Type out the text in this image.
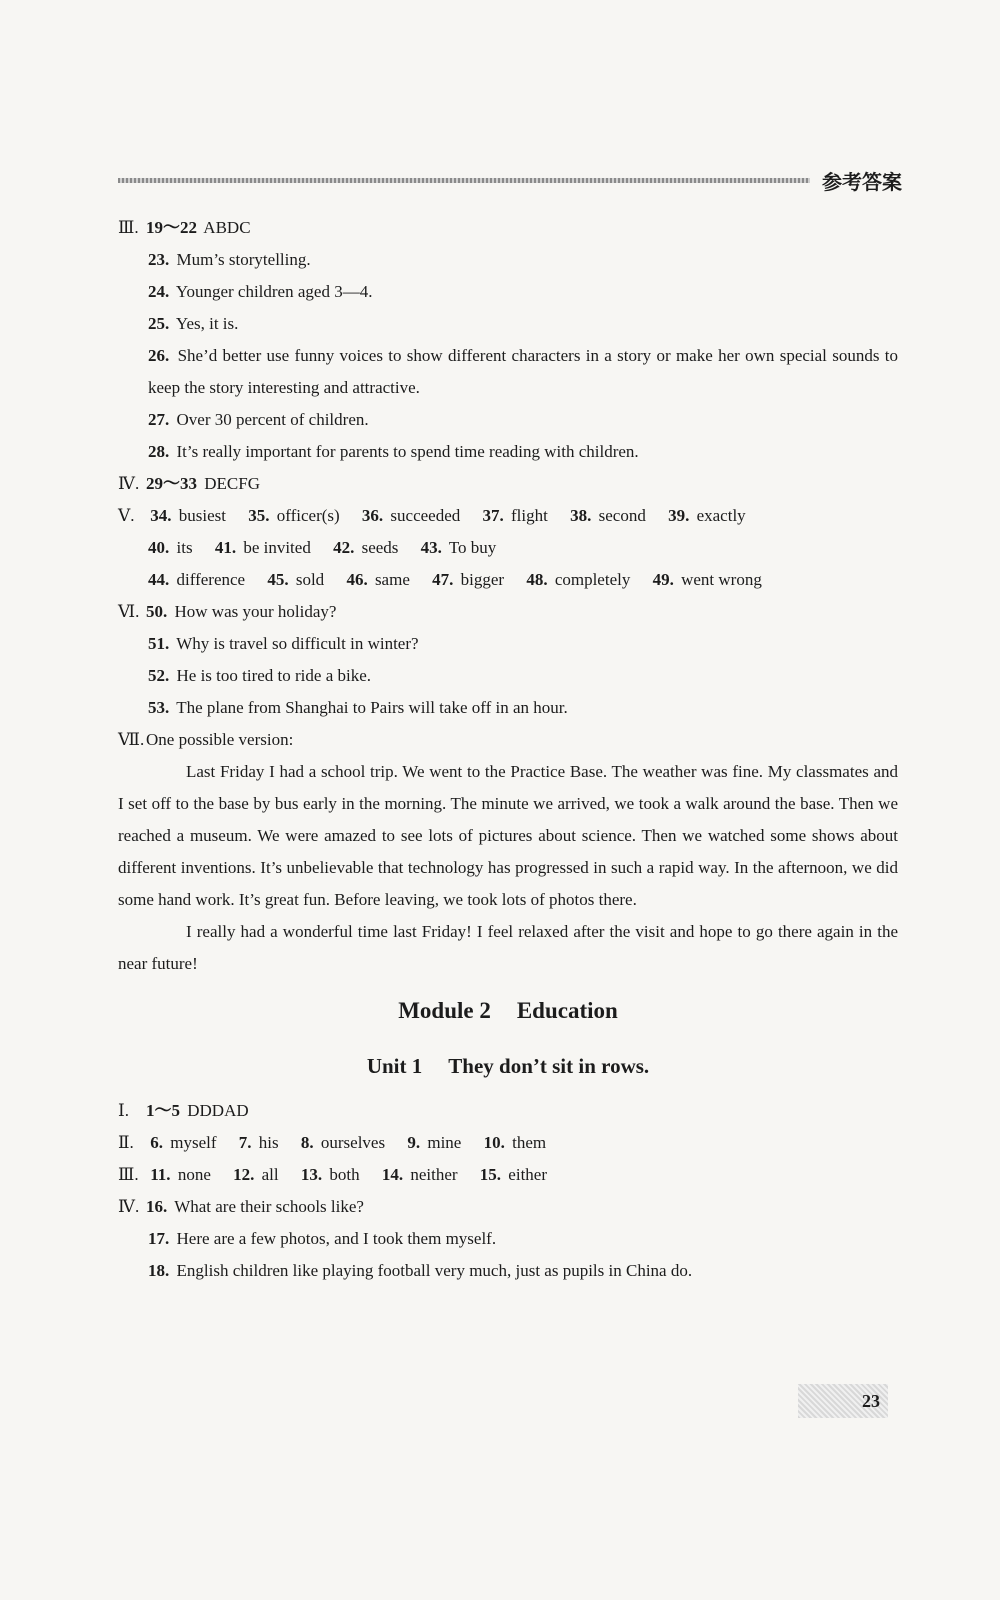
参考答案
Ⅲ. 19～22 ABDC
23. Mum’s storytelling.
24. Younger children aged 3—4.
25. Yes, it is.
26. She’d better use funny voices to show different characters in a story or make her own special sounds to keep the story interesting and attractive.
27. Over 30 percent of children.
28. It’s really important for parents to spend time reading with children.
Ⅳ. 29～33 DECFG
Ⅴ. 34. busiest 35. officer(s) 36. succeeded 37. flight 38. second 39. exactly
40. its 41. be invited 42. seeds 43. To buy
44. difference 45. sold 46. same 47. bigger 48. completely 49. went wrong
Ⅵ. 50. How was your holiday?
51. Why is travel so difficult in winter?
52. He is too tired to ride a bike.
53. The plane from Shanghai to Pairs will take off in an hour.
Ⅶ. One possible version:

Last Friday I had a school trip. We went to the Practice Base. The weather was fine. My classmates and I set off to the base by bus early in the morning. The minute we arrived, we took a walk around the base. Then we reached a museum. We were amazed to see lots of pictures about science. Then we watched some shows about different inventions. It’s unbelievable that technology has progressed in such a rapid way. In the afternoon, we did some hand work. It’s great fun. Before leaving, we took lots of photos there.

I really had a wonderful time last Friday! I feel relaxed after the visit and hope to go there again in the near future!

Module 2 Education
Unit 1 They don’t sit in rows.
Ⅰ. 1～5 DDDAD
Ⅱ. 6. myself 7. his 8. ourselves 9. mine 10. them
Ⅲ. 11. none 12. all 13. both 14. neither 15. either
Ⅳ. 16. What are their schools like?
17. Here are a few photos, and I took them myself.
18. English children like playing football very much, just as pupils in China do.
23
